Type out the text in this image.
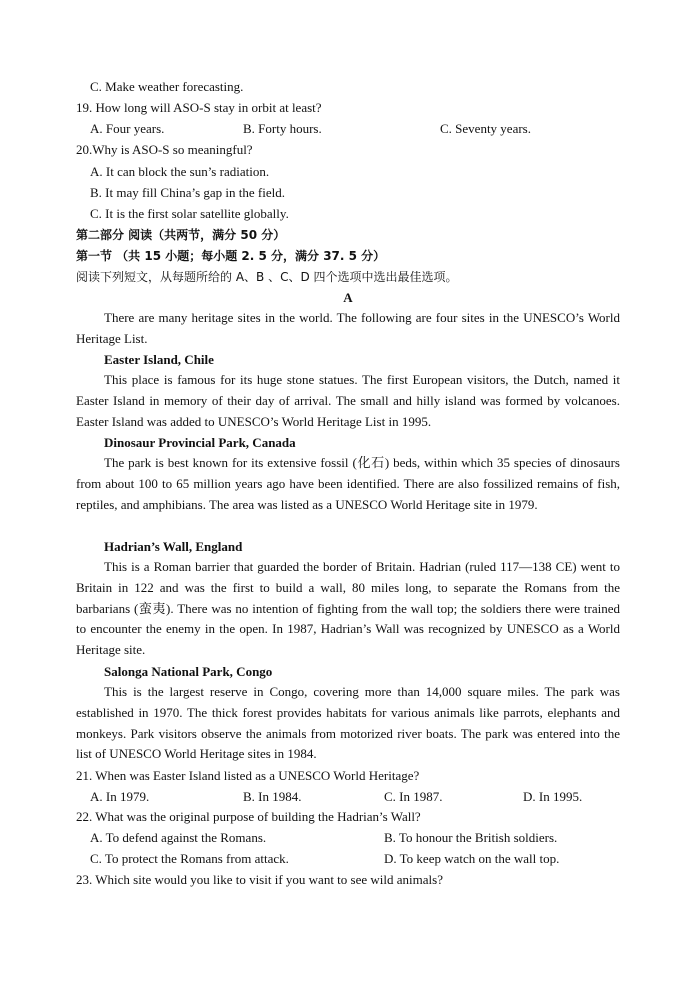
C. Make weather forecasting.
19. How long will ASO-S stay in orbit at least?
A. Four years.	B. Forty hours.	C. Seventy years.
20.Why is ASO-S so meaningful?
A. It can block the sun’s radiation.
B. It may fill China’s gap in the field.
C. It is the first solar satellite globally.
第二部分 阅读（共两节，满分 50 分）
第一节 （共 15 小题；每小题 2. 5 分，满分 37. 5 分）
阅读下列短文，从每题所给的 A、B 、C、D 四个选项中选出最佳选项。
A
There are many heritage sites in the world. The following are four sites in the UNESCO’s World Heritage List.
Easter Island, Chile
This place is famous for its huge stone statues. The first European visitors, the Dutch, named it Easter Island in memory of their day of arrival. The small and hilly island was formed by volcanoes. Easter Island was added to UNESCO’s World Heritage List in 1995.
Dinosaur Provincial Park, Canada
The park is best known for its extensive fossil (化石) beds, within which 35 species of dinosaurs from about 100 to 65 million years ago have been identified. There are also fossilized remains of fish, reptiles, and amphibians. The area was listed as a UNESCO World Heritage site in 1979.
Hadrian’s Wall, England
This is a Roman barrier that guarded the border of Britain. Hadrian (ruled 117—138 CE) went to Britain in 122 and was the first to build a wall, 80 miles long, to separate the Romans from the barbarians (蛮夷). There was no intention of fighting from the wall top; the soldiers there were trained to encounter the enemy in the open. In 1987, Hadrian’s Wall was recognized by UNESCO as a World Heritage site.
Salonga National Park, Congo
This is the largest reserve in Congo, covering more than 14,000 square miles. The park was established in 1970. The thick forest provides habitats for various animals like parrots, elephants and monkeys. Park visitors observe the animals from motorized river boats. The park was entered into the list of UNESCO World Heritage sites in 1984.
21. When was Easter Island listed as a UNESCO World Heritage?
A. In 1979.	B. In 1984.	C. In 1987.	D. In 1995.
22. What was the original purpose of building the Hadrian’s Wall?
A. To defend against the Romans.	B. To honour the British soldiers.
C. To protect the Romans from attack.	D. To keep watch on the wall top.
23. Which site would you like to visit if you want to see wild animals?
